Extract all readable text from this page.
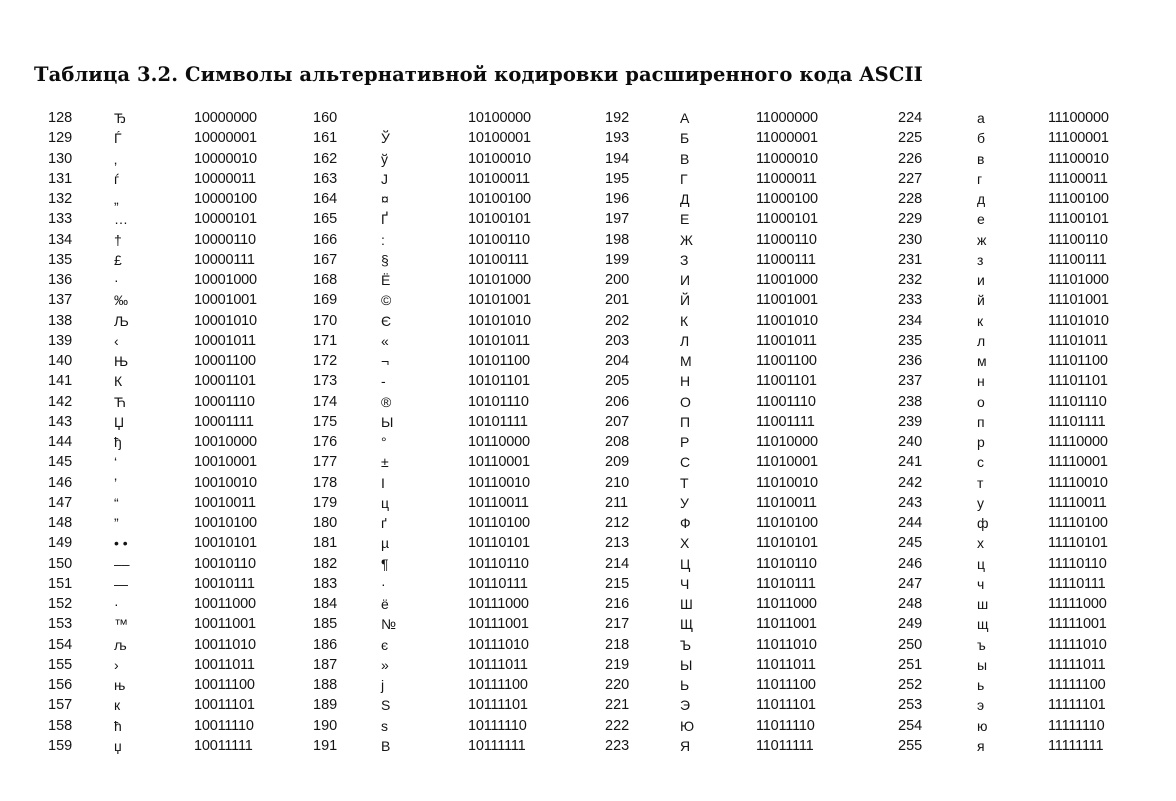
Таблица 3.2. Символы альтернативной кодировки расширенного кода ASCII
128	Ђ	10000000
129	Ѓ	10000001
130	‚	10000010
131	ѓ	10000011
132	„	10000100
133	…	10000101
134	†	10000110
135	£	10000111
136	·	10001000
137	‰	10001001
138	Љ	10001010
139	‹	10001011
140	Њ	10001100
141	К	10001101
142	Ћ	10001110
143	Џ	10001111
144	ђ	10010000
145	‘	10010001
146	’	10010010
147	“	10010011
148	”	10010100
149	• •	10010101
150	––	10010110
151	—	10010111
152	·	10011000
153	™	10011001
154	љ	10011010
155	›	10011011
156	њ	10011100
157	к	10011101
158	ћ	10011110
159	џ	10011111
160	10100000
161	Ў	10100001
162	ў	10100010
163	J	10100011
164	¤	10100100
165	Ґ	10100101
166	:	10100110
167	§	10100111
168	Ё	10101000
169	©	10101001
170	Є	10101010
171	«	10101011
172	¬	10101100
173	-	10101101
174	®	10101110
175	Ы	10101111
176	°	10110000
177	±	10110001
178	I	10110010
179	ц	10110011
180	ґ	10110100
181	µ	10110101
182	¶	10110110
183	·	10110111
184	ё	10111000
185	№	10111001
186	є	10111010
187	»	10111011
188	j	10111100
189	S	10111101
190	s	10111110
191	В	10111111
192	А	11000000
193	Б	11000001
194	В	11000010
195	Г	11000011
196	Д	11000100
197	Е	11000101
198	Ж	11000110
199	З	11000111
200	И	11001000
201	Й	11001001
202	К	11001010
203	Л	11001011
204	М	11001100
205	Н	11001101
206	О	11001110
207	П	11001111
208	Р	11010000
209	С	11010001
210	Т	11010010
211	У	11010011
212	Ф	11010100
213	Х	11010101
214	Ц	11010110
215	Ч	11010111
216	Ш	11011000
217	Щ	11011001
218	Ъ	11011010
219	Ы	11011011
220	Ь	11011100
221	Э	11011101
222	Ю	11011110
223	Я	11011111
224	а	11100000
225	б	11100001
226	в	11100010
227	г	11100011
228	д	11100100
229	е	11100101
230	ж	11100110
231	з	11100111
232	и	11101000
233	й	11101001
234	к	11101010
235	л	11101011
236	м	11101100
237	н	11101101
238	о	11101110
239	п	11101111
240	р	11110000
241	с	11110001
242	т	11110010
243	у	11110011
244	ф	11110100
245	х	11110101
246	ц	11110110
247	ч	11110111
248	ш	11111000
249	щ	11111001
250	ъ	11111010
251	ы	11111011
252	ь	11111100
253	э	11111101
254	ю	11111110
255	я	11111111
